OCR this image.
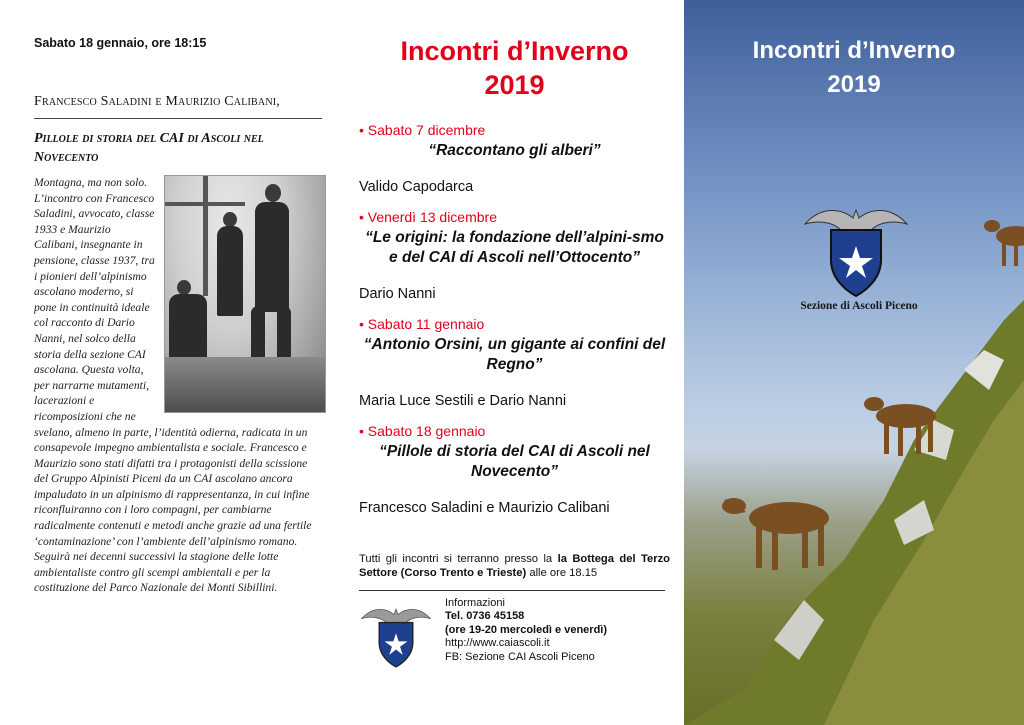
Sabato 18 gennaio, ore 18:15

Francesco Saladini e Maurizio Calibani,

Pillole di storia del CAI di Ascoli nel Novecento

Montagna, ma non solo. L’incontro con Francesco Saladini, avvocato, classe 1933 e Maurizio Calibani, insegnante in pensione, classe 1937, tra i pionieri dell’alpinismo ascolano moderno, si pone in continuità ideale col racconto di Dario Nanni, nel solco della storia della sezione CAI ascolana. Questa volta, per narrarne mutamenti, lacerazioni e ricomposizioni che ne svelano, almeno in parte, l’identità odierna, radicata in un consapevole impegno ambientalista e sociale. Francesco e Maurizio sono stati difatti tra i protagonisti della scissione del Gruppo Alpinisti Piceni da un CAI ascolano ancora impaludato in un alpinismo di rappresentanza, in cui infine riconfluiranno con i loro compagni, per cambiarne radicalmente contenuti e metodi anche grazie ad una fertile ‘contaminazione’ con l’ambiente dell’alpinismo romano. Seguirà nei decenni successivi la stagione delle lotte ambientaliste contro gli scempi ambientali e per la costituzione del Parco Nazionale dei Monti Sibillini.

Incontri d’Inverno

2019

• Sabato 7 dicembre

“Raccontano gli alberi”

Valido Capodarca

• Venerdì 13 dicembre

“Le origini: la fondazione dell’alpini-smo e del CAI di Ascoli nell’Ottocento”

Dario Nanni

• Sabato 11 gennaio

“Antonio Orsini, un gigante ai confini del Regno”

Maria Luce Sestili e Dario Nanni

• Sabato 18 gennaio

“Pillole di storia del CAI di Ascoli nel Novecento”

Francesco Saladini e Maurizio Calibani

Tutti gli incontri si terranno presso la la Bottega del Terzo Settore (Corso Trento e Trieste) alle ore 18.15

Informazioni
Tel. 0736 45158
(ore 19-20 mercoledì e venerdì)
http://www.caiascoli.it
FB: Sezione CAI Ascoli Piceno
Incontri d’Inverno
2019
Sezione di Ascoli Piceno
